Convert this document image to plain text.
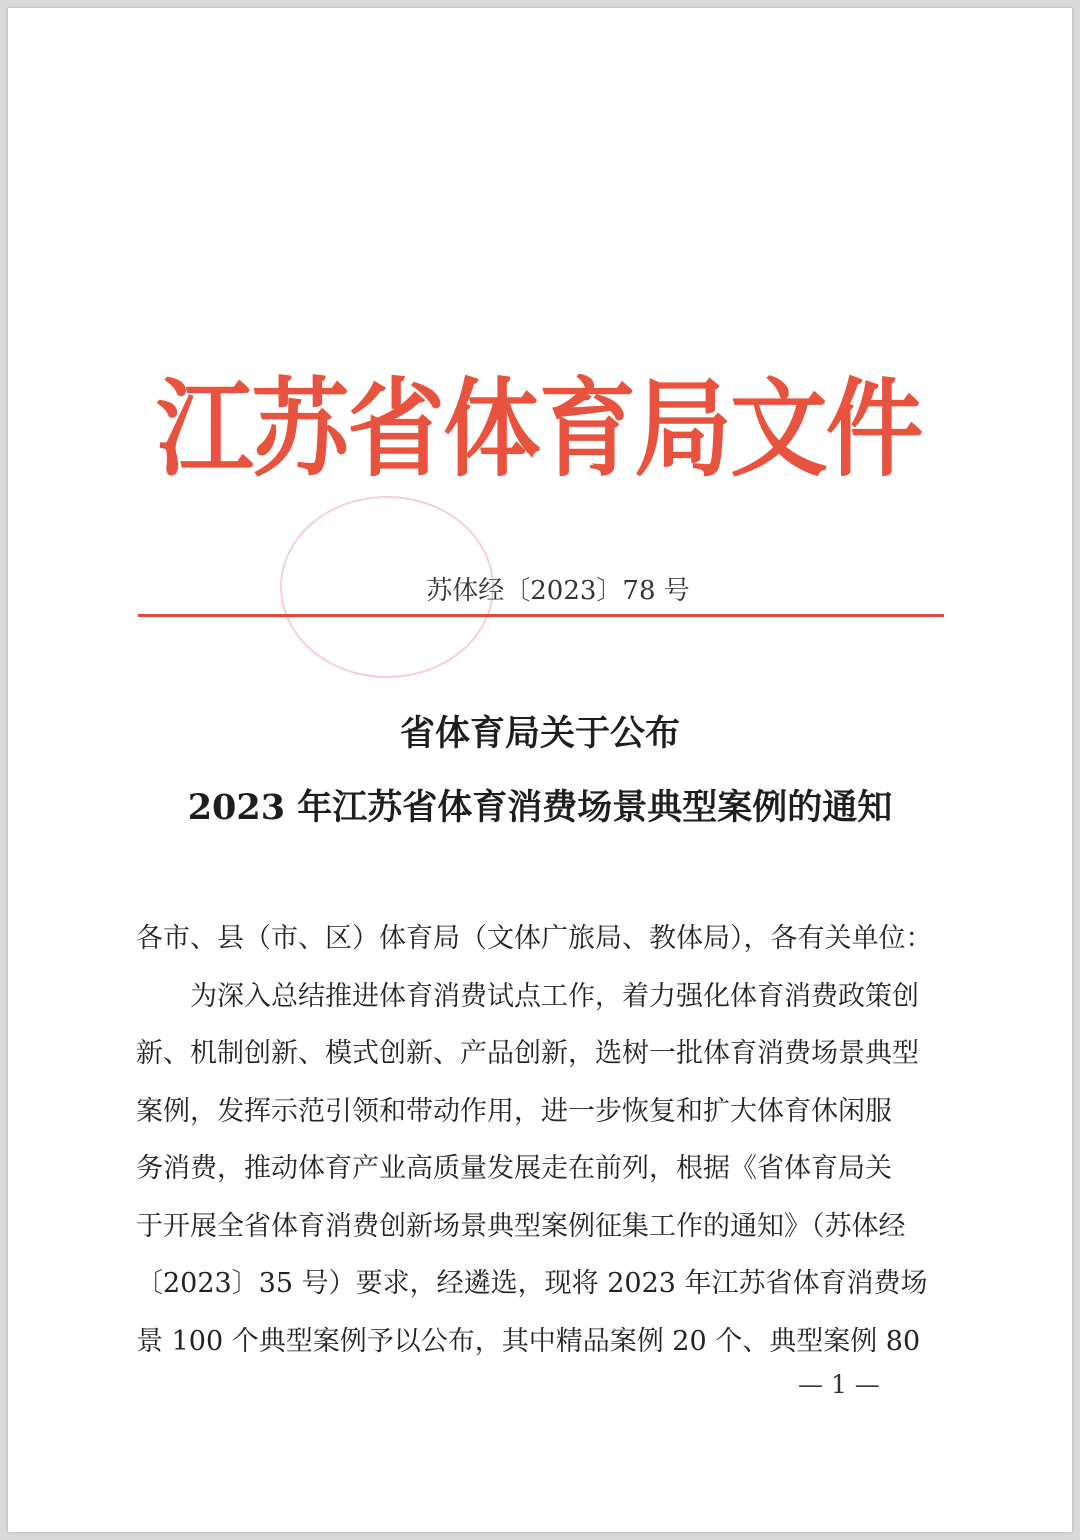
江苏省体育局文件
苏体经〔2023〕78 号
省体育局关于公布
2023 年江苏省体育消费场景典型案例的通知
各市、县（市、区）体育局（文体广旅局、教体局），各有关单位：
　　为深入总结推进体育消费试点工作，着力强化体育消费政策创
新、机制创新、模式创新、产品创新，选树一批体育消费场景典型
案例，发挥示范引领和带动作用，进一步恢复和扩大体育休闲服
务消费，推动体育产业高质量发展走在前列，根据《省体育局关
于开展全省体育消费创新场景典型案例征集工作的通知》（苏体经
〔2023〕35 号）要求，经遴选，现将 2023 年江苏省体育消费场
景 100 个典型案例予以公布，其中精品案例 20 个、典型案例 80
— 1 —
